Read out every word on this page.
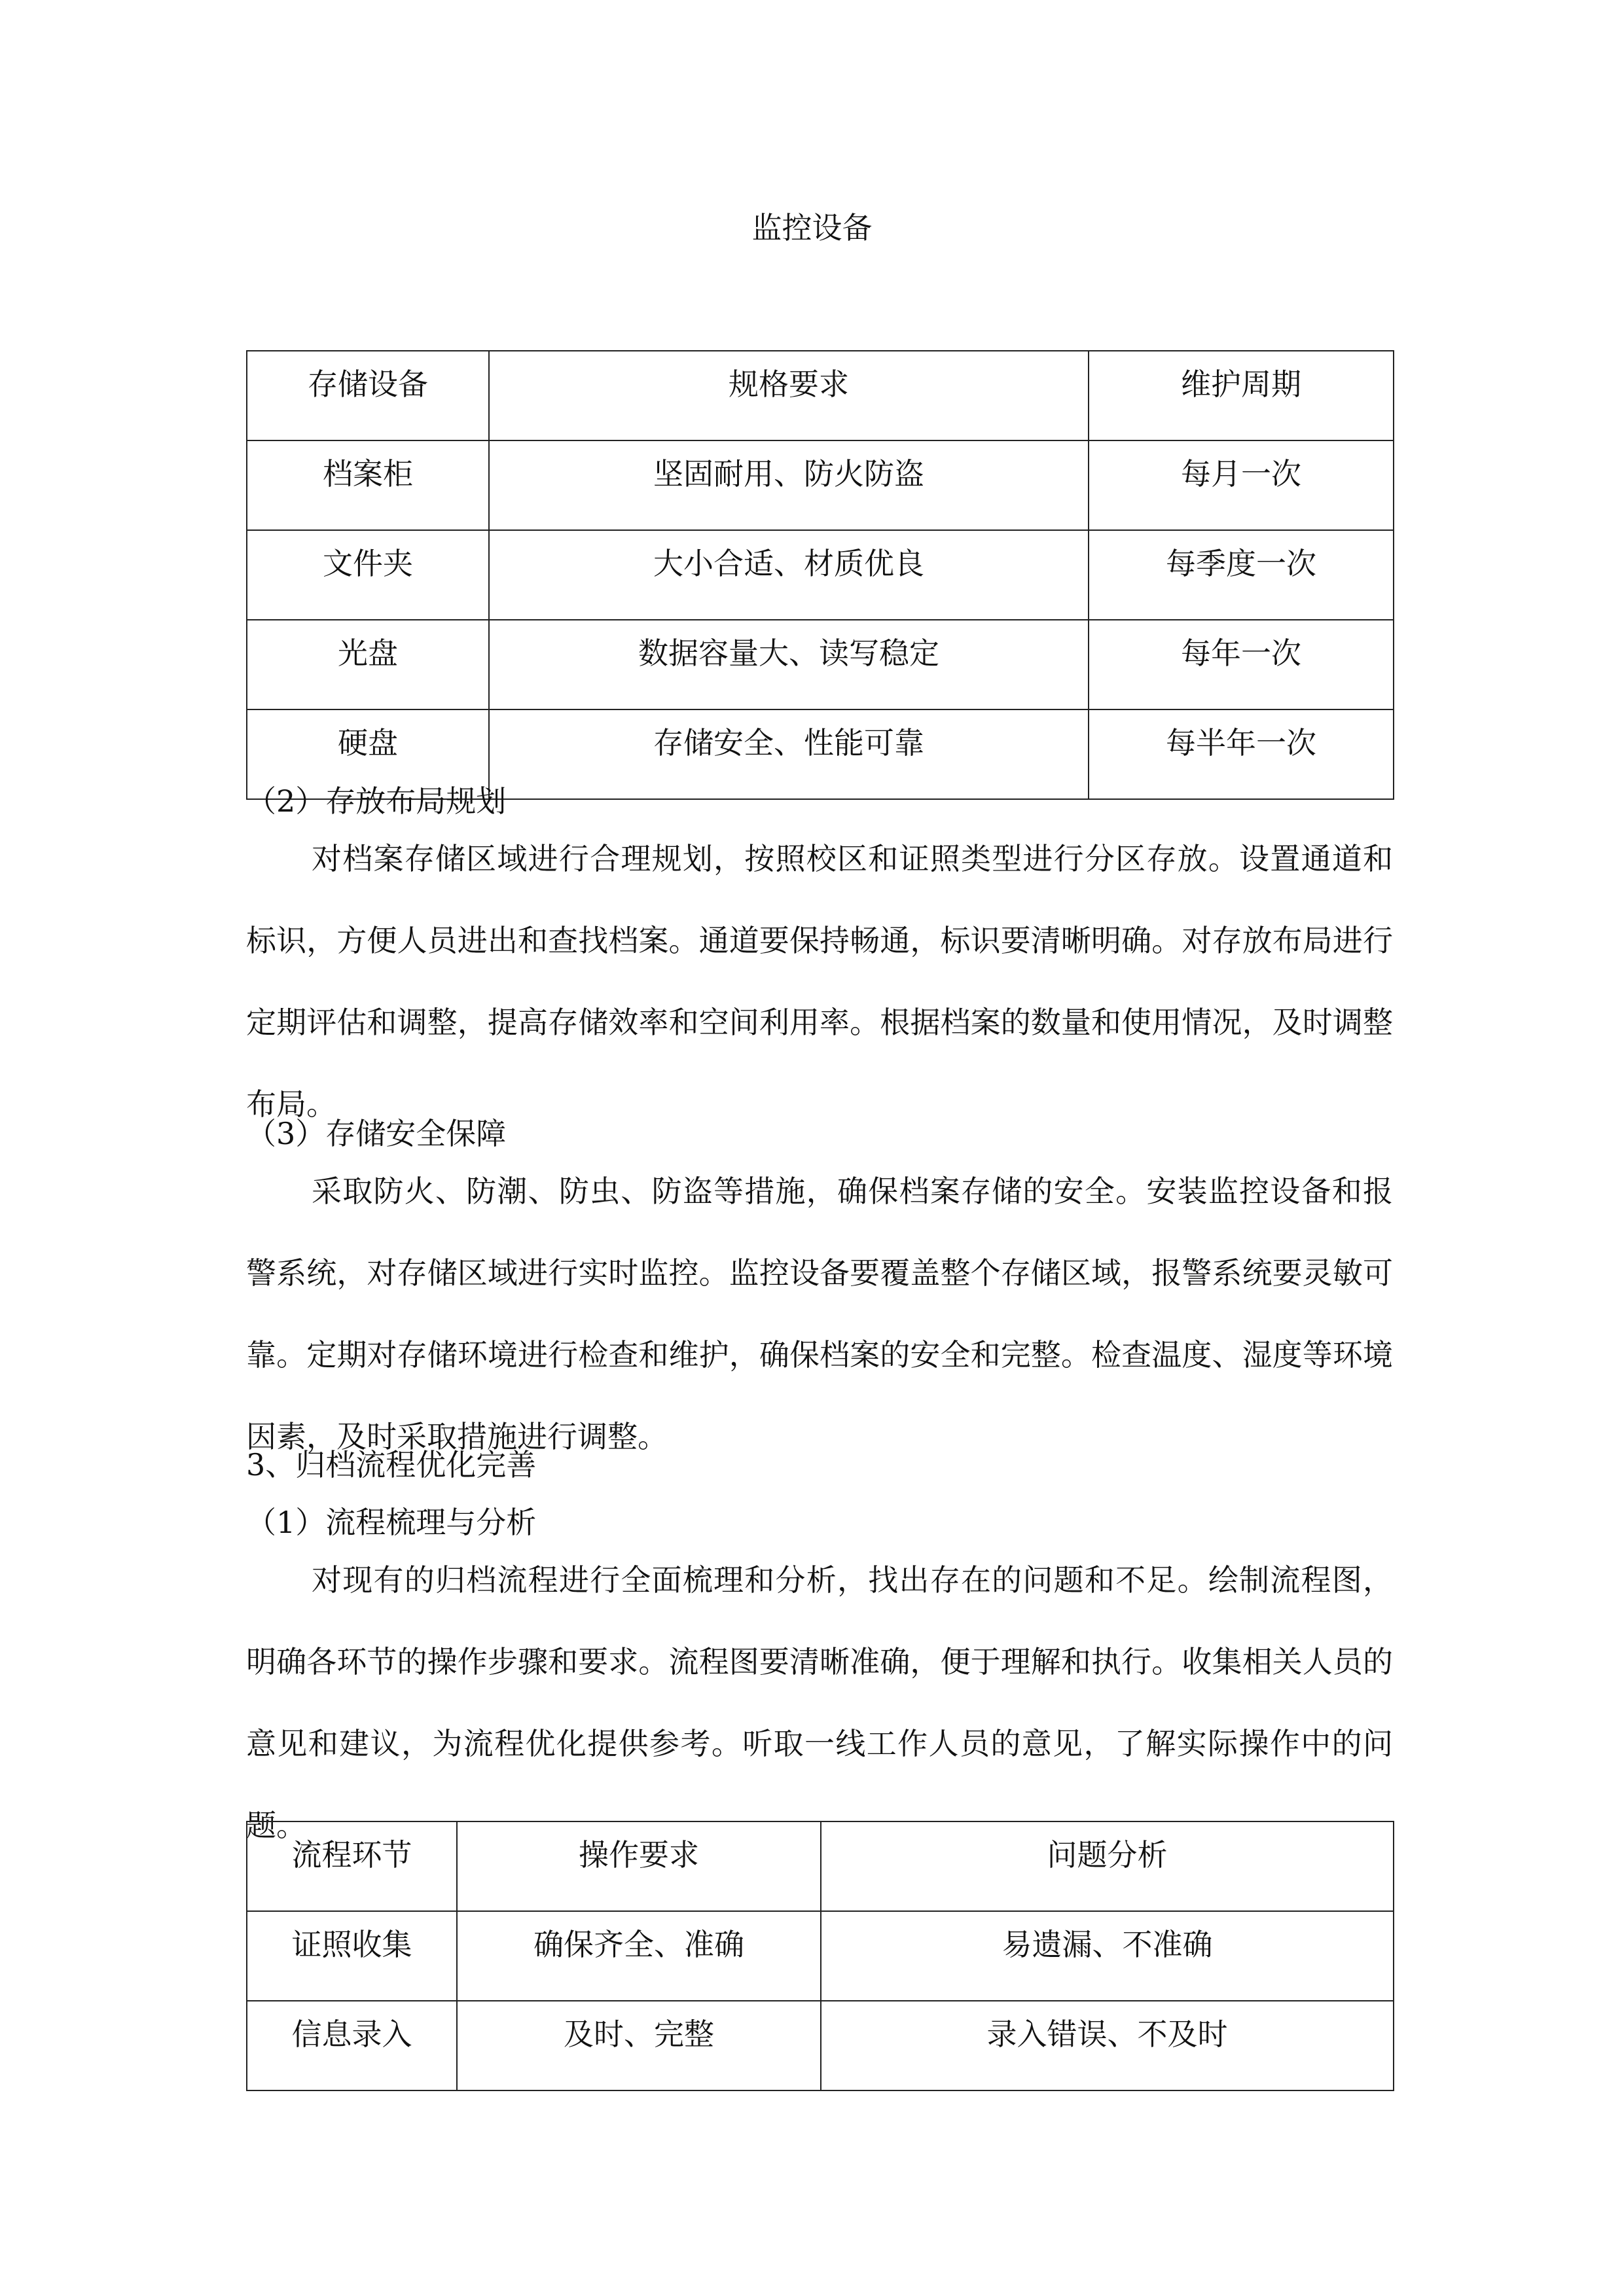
监控设备
存储设备	规格要求	维护周期
档案柜	坚固耐用、防火防盗	每月一次
文件夹	大小合适、材质优良	每季度一次
光盘	数据容量大、读写稳定	每年一次
硬盘	存储安全、性能可靠	每半年一次
（2）存放布局规划
对档案存储区域进行合理规划，按照校区和证照类型进行分区存放。设置通道和标识，方便人员进出和查找档案。通道要保持畅通，标识要清晰明确。对存放布局进行定期评估和调整，提高存储效率和空间利用率。根据档案的数量和使用情况，及时调整布局。
（3）存储安全保障
采取防火、防潮、防虫、防盗等措施，确保档案存储的安全。安装监控设备和报警系统，对存储区域进行实时监控。监控设备要覆盖整个存储区域，报警系统要灵敏可靠。定期对存储环境进行检查和维护，确保档案的安全和完整。检查温度、湿度等环境因素，及时采取措施进行调整。
3、归档流程优化完善
（1）流程梳理与分析
对现有的归档流程进行全面梳理和分析，找出存在的问题和不足。绘制流程图，明确各环节的操作步骤和要求。流程图要清晰准确，便于理解和执行。收集相关人员的意见和建议，为流程优化提供参考。听取一线工作人员的意见，了解实际操作中的问题。
流程环节	操作要求	问题分析
证照收集	确保齐全、准确	易遗漏、不准确
信息录入	及时、完整	录入错误、不及时
